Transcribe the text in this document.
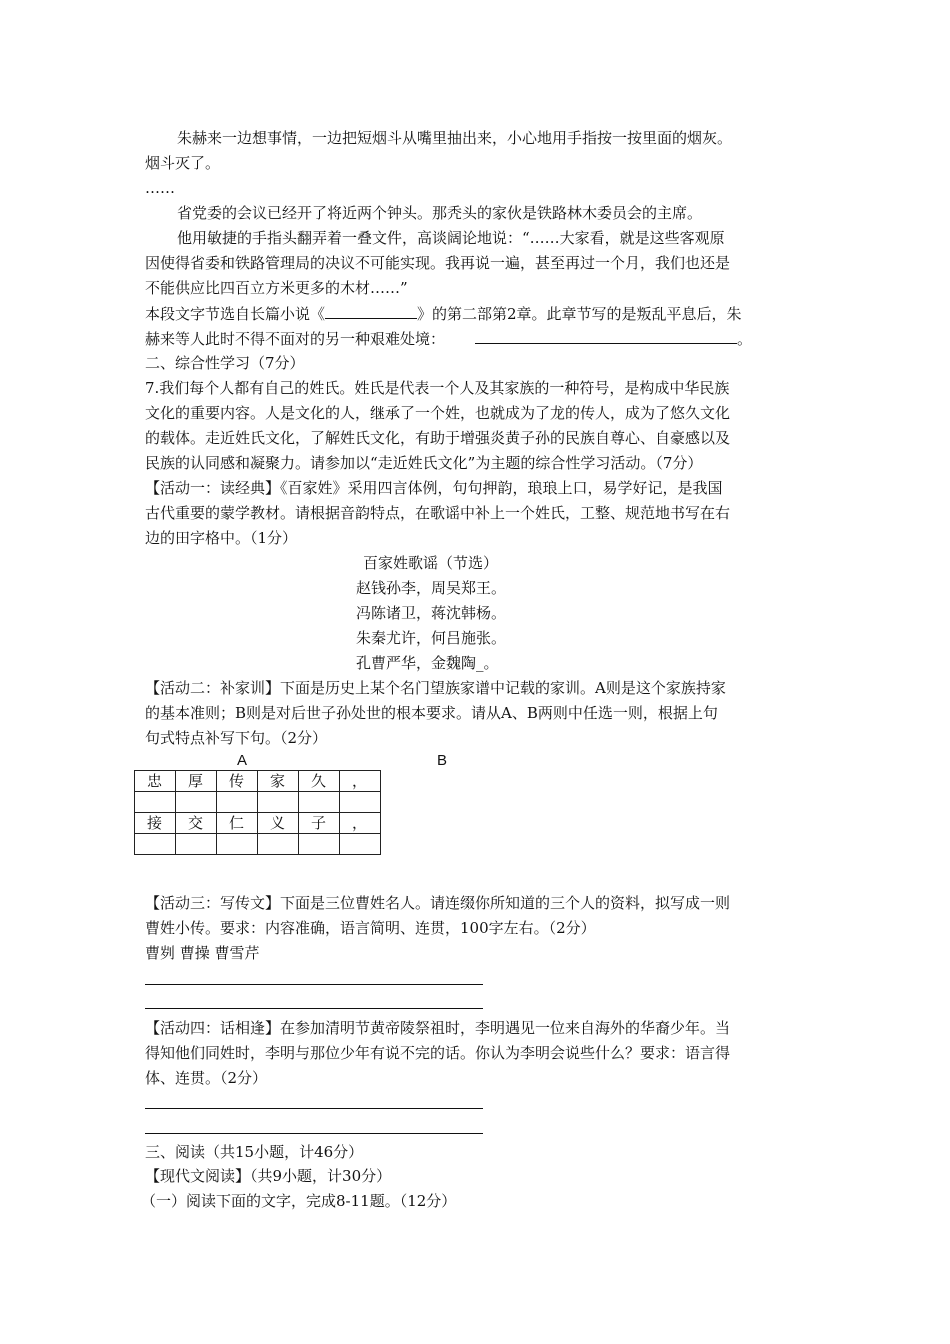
朱赫来一边想事情，一边把短烟斗从嘴里抽出来，小心地用手指按一按里面的烟灰。
烟斗灭了。
……
省党委的会议已经开了将近两个钟头。那秃头的家伙是铁路林木委员会的主席。
他用敏捷的手指头翻弄着一叠文件，高谈阔论地说：“……大家看，就是这些客观原
因使得省委和铁路管理局的决议不可能实现。我再说一遍，甚至再过一个月，我们也还是
不能供应比四百立方米更多的木材……”
本段文字节选自长篇小说《	》的第二部第2章。此章节写的是叛乱平息后，朱
赫来等人此时不得不面对的另一种艰难处境：	。
二、综合性学习（7分）
7.我们每个人都有自己的姓氏。姓氏是代表一个人及其家族的一种符号，是构成中华民族
文化的重要内容。人是文化的人，继承了一个姓，也就成为了龙的传人，成为了悠久文化
的载体。走近姓氏文化，了解姓氏文化，有助于增强炎黄子孙的民族自尊心、自豪感以及
民族的认同感和凝聚力。请参加以“走近姓氏文化”为主题的综合性学习活动。（7分）
【活动一：读经典】《百家姓》采用四言体例，句句押韵，琅琅上口，易学好记，是我国
古代重要的蒙学教材。请根据音韵特点，在歌谣中补上一个姓氏，工整、规范地书写在右
边的田字格中。（1分）
百家姓歌谣（节选）
赵钱孙李，周吴郑王。
冯陈诸卫，蒋沈韩杨。
朱秦尤许，何吕施张。
孔曹严华，金魏陶_。
【活动二：补家训】下面是历史上某个名门望族家谱中记载的家训。A则是这个家族持家
的基本准则；B则是对后世子孙处世的根本要求。请从A、B两则中任选一则，根据上句
句式特点补写下句。（2分）
A	B
忠	厚	传	家	久	，

接	交	仁	义	子	，

【活动三：写传文】下面是三位曹姓名人。请连缀你所知道的三个人的资料，拟写成一则
曹姓小传。要求：内容准确，语言简明、连贯，100字左右。（2分）
曹刿 曹操 曹雪芹
【活动四：话相逢】在参加清明节黄帝陵祭祖时，李明遇见一位来自海外的华裔少年。当
得知他们同姓时，李明与那位少年有说不完的话。你认为李明会说些什么？要求：语言得
体、连贯。（2分）
三、阅读（共15小题，计46分）
【现代文阅读】（共9小题，计30分）
（一）阅读下面的文字，完成8-11题。（12分）
